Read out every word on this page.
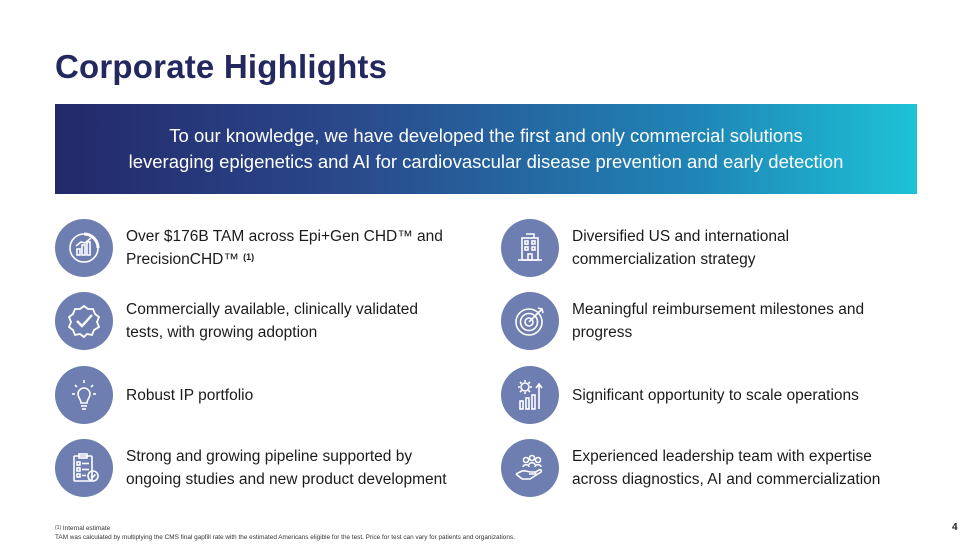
Corporate Highlights
To our knowledge, we have developed the first and only commercial solutions
leveraging epigenetics and AI for cardiovascular disease prevention and early detection
Over $176B TAM across Epi+Gen CHD™ and
PrecisionCHD™ $^{(1)}$
Diversified US and international
commercialization strategy
Commercially available, clinically validated
tests, with growing adoption
Meaningful reimbursement milestones and
progress
Robust IP portfolio	Significant opportunity to scale operations
Strong and growing pipeline supported by
ongoing studies and new product development
Experienced leadership team with expertise
across diagnostics, AI and commercialization
$^{(1)}$ Internal estimate
TAM was calculated by multiplying the CMS final gapfill rate with the estimated Americans eligible for the test. Price for test can vary for patients and organizations.
4
